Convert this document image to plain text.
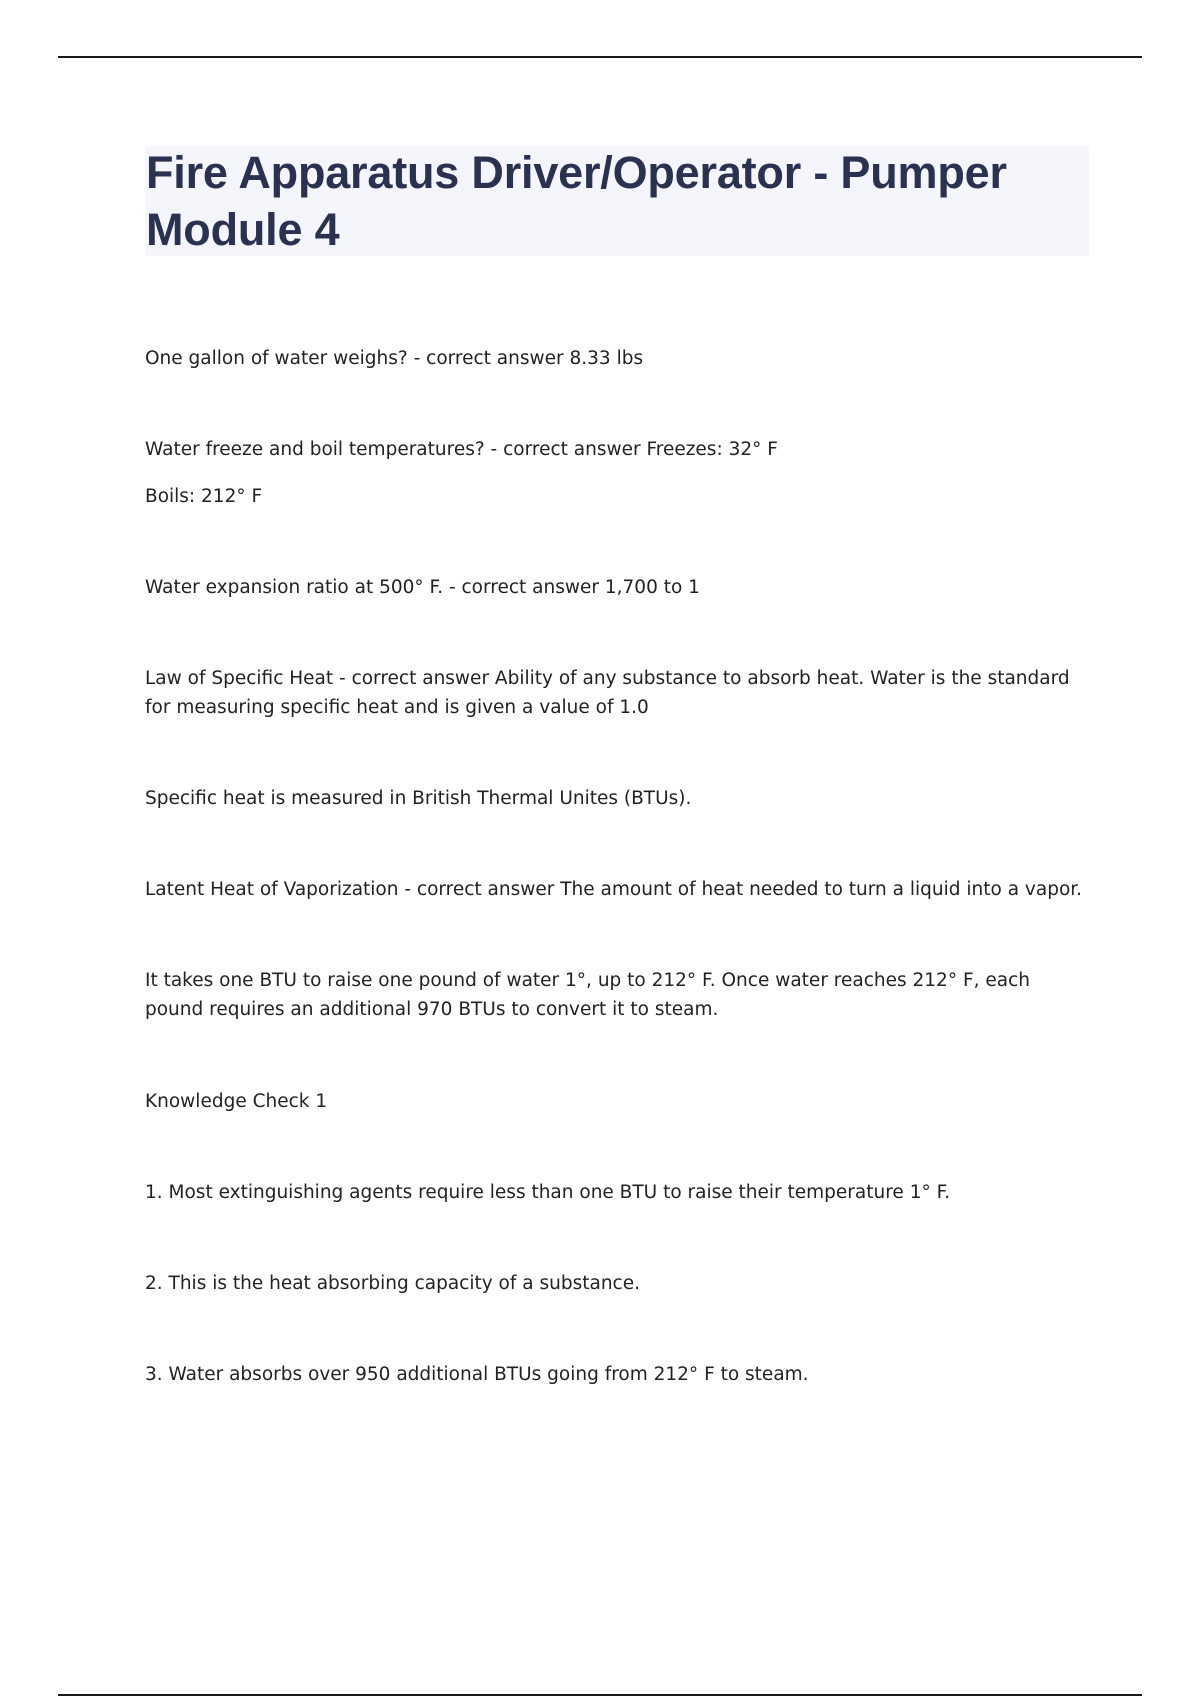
Fire Apparatus Driver/Operator - Pumper Module 4

One gallon of water weighs? - correct answer 8.33 lbs

Water freeze and boil temperatures? - correct answer Freezes: 32° F

Boils: 212° F

Water expansion ratio at 500° F. - correct answer 1,700 to 1

Law of Specific Heat - correct answer Ability of any substance to absorb heat. Water is the standard for measuring specific heat and is given a value of 1.0

Specific heat is measured in British Thermal Unites (BTUs).

Latent Heat of Vaporization - correct answer The amount of heat needed to turn a liquid into a vapor.

It takes one BTU to raise one pound of water 1°, up to 212° F. Once water reaches 212° F, each pound requires an additional 970 BTUs to convert it to steam.

Knowledge Check 1

1. Most extinguishing agents require less than one BTU to raise their temperature 1° F.

2. This is the heat absorbing capacity of a substance.

3. Water absorbs over 950 additional BTUs going from 212° F to steam.
